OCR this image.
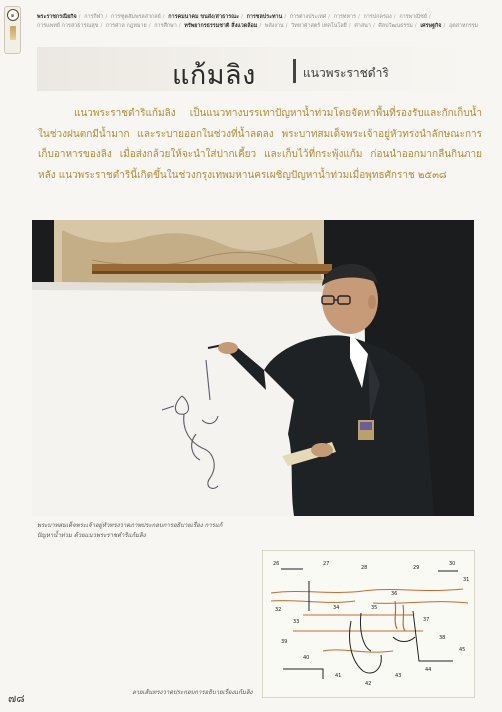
๑	พระราชกรณียกิจ / การกีฬา / การฑูตสัมพรลสากลย์ / การคมนาคม ขนส่ง/สาธารณะ / การชลประทาน / การต่างประเทศ / การทหาร / การปกครอง / การพาณิชย์ / การแพทย์ การสาธารณสุข / การศาล กฎหมาย / การศึกษา / ทรัพยากรธรรมชาติ สิ่งแวดล้อม / พลังงาน / วิทยาศาสตร์ เทคโนโลยี / ศาสนา / ศิลปวัฒนธรรม / เศรษฐกิจ / อุตสาหกรรม
แก้มลิง	แนวพระราชดำริ

แนวพระราชดำริแก้มลิง เป็นแนวทางบรรเทาปัญหาน้ำท่วมโดยจัดหาพื้นที่รองรับและกักเก็บน้ำในช่วงฝนตกมีน้ำมาก และระบายออกในช่วงที่น้ำลดลง พระบาทสมเด็จพระเจ้าอยู่หัวทรงนำลักษณะการเก็บอาหารของลิง เมื่อส่งกล้วยให้จะนำใส่ปากเคี้ยว และเก็บไว้ที่กระพุ้งแก้ม ก่อนนำออกมากลืนกินภายหลัง แนวพระราชดำรินี้เกิดขึ้นในช่วงกรุงเทพมหานครเผชิญปัญหาน้ำท่วมเมื่อพุทธศักราช ๒๕๓๘

พระบาทสมเด็จพระเจ้าอยู่หัวทรงวาดภาพประกอบการอธิบายเรื่อง การแก้ปัญหาน้ำท่วม ด้วยแนวพระราชดำริแก้มลิง

26	27
28	29
30
31
32
33
34	35
36
37
38
39
40
41
42
43
44
45

ลายเส้นทรงวาดประกอบการอธิบายเรื่องแก้มลิง

๗๘
